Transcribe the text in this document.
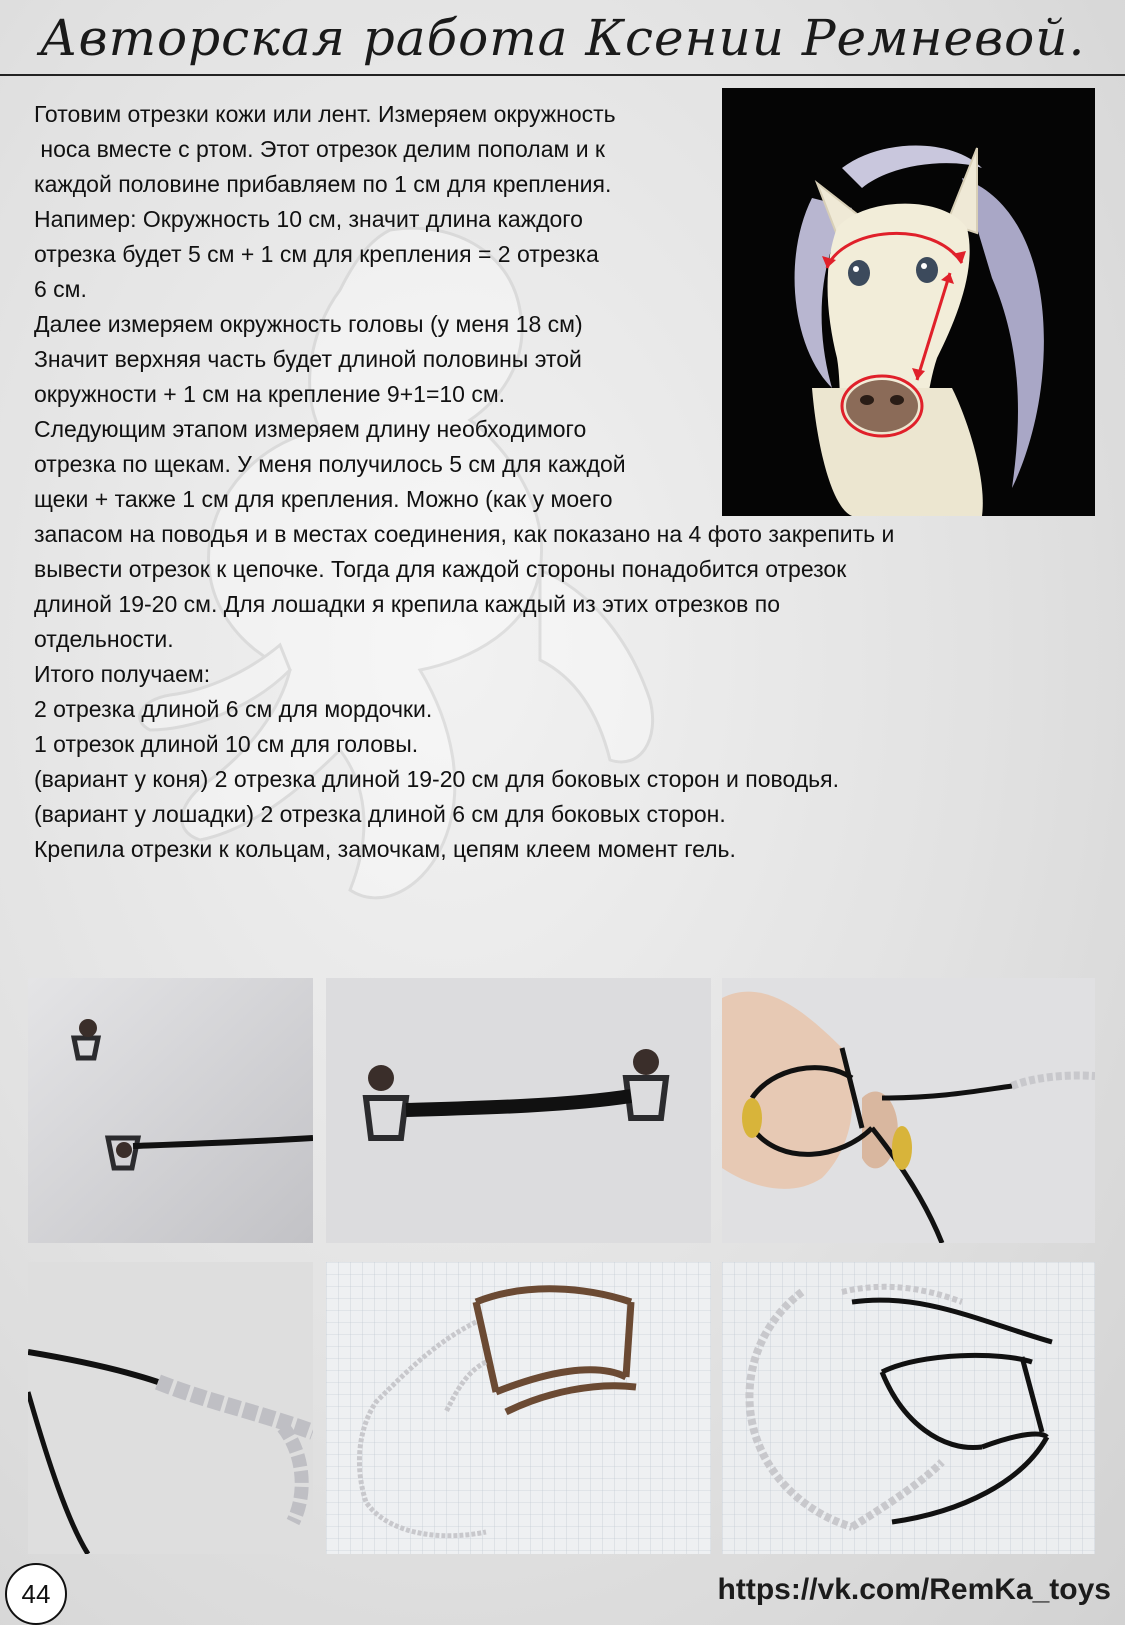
Авторская работа Ксении Ремневой.
Готовим отрезки кожи или лент. Измеряем окружность
носа вместе с ртом. Этот отрезок делим пополам и к
каждой половине прибавляем по 1 см для крепления.
Напимер: Окружность 10 см, значит длина каждого
отрезка будет 5 см + 1 см для крепления = 2 отрезка
6 см.
Далее измеряем окружность головы (у меня 18 см)
Значит верхняя часть будет длиной половины этой
окружности + 1 см на крепление 9+1=10 см.
Следующим этапом измеряем длину необходимого
отрезка по щекам. У меня получилось 5 см для каждой
щеки + также 1 см для крепления. Можно (как у моего
запасом на поводья и в местах соединения, как показано на 4 фото закрепить и
вывести отрезок к цепочке. Тогда для каждой стороны понадобится отрезок
длиной 19-20 см. Для лошадки я крепила каждый из этих отрезков по
отдельности.
Итого получаем:
2 отрезка длиной 6 см для мордочки.
1 отрезок длиной 10 см для головы.
(вариант у коня) 2 отрезка длиной 19-20 см для боковых сторон и поводья.
(вариант у лошадки) 2 отрезка длиной 6 см для боковых сторон.
Крепила отрезки к кольцам, замочкам, цепям клеем момент гель.
44	https://vk.com/RemKa_toys
